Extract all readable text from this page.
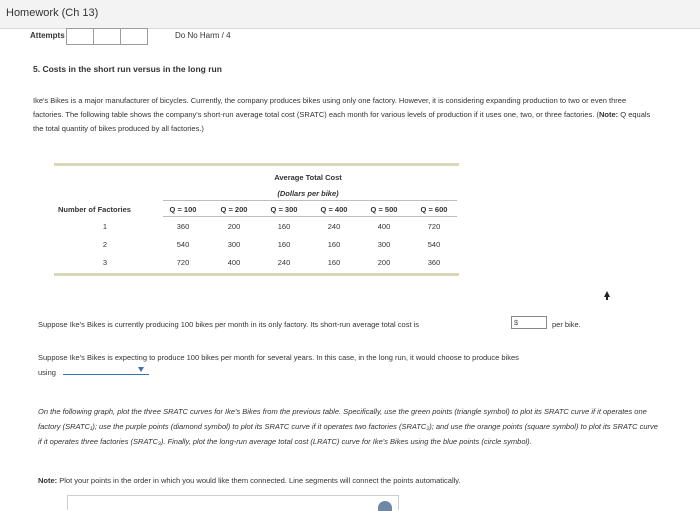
Homework (Ch 13)
Attempts	Do No Harm / 4
5. Costs in the short run versus in the long run
Ike's Bikes is a major manufacturer of bicycles. Currently, the company produces bikes using only one factory. However, it is considering expanding production to two or even three factories. The following table shows the company's short-run average total cost (SRATC) each month for various levels of production if it uses one, two, or three factories. (Note: Q equals the total quantity of bikes produced by all factories.)
Average Total Cost
(Dollars per bike)
Number of Factories	Q = 100	Q = 200	Q = 300	Q = 400	Q = 500	Q = 600
1	360	200	160	240	400	720
2	540	300	160	160	300	540
3	720	400	240	160	200	360
Suppose Ike's Bikes is currently producing 100 bikes per month in its only factory. Its short-run average total cost is
$	per bike.
Suppose Ike's Bikes is expecting to produce 100 bikes per month for several years. In this case, in the long run, it would choose to produce bikes
using
On the following graph, plot the three SRATC curves for Ike's Bikes from the previous table. Specifically, use the green points (triangle symbol) to plot its SRATC curve if it operates one factory (SRATC₁); use the purple points (diamond symbol) to plot its SRATC curve if it operates two factories (SRATC₂); and use the orange points (square symbol) to plot its SRATC curve if it operates three factories (SRATC₃). Finally, plot the long-run average total cost (LRATC) curve for Ike's Bikes using the blue points (circle symbol).
Note: Plot your points in the order in which you would like them connected. Line segments will connect the points automatically.
